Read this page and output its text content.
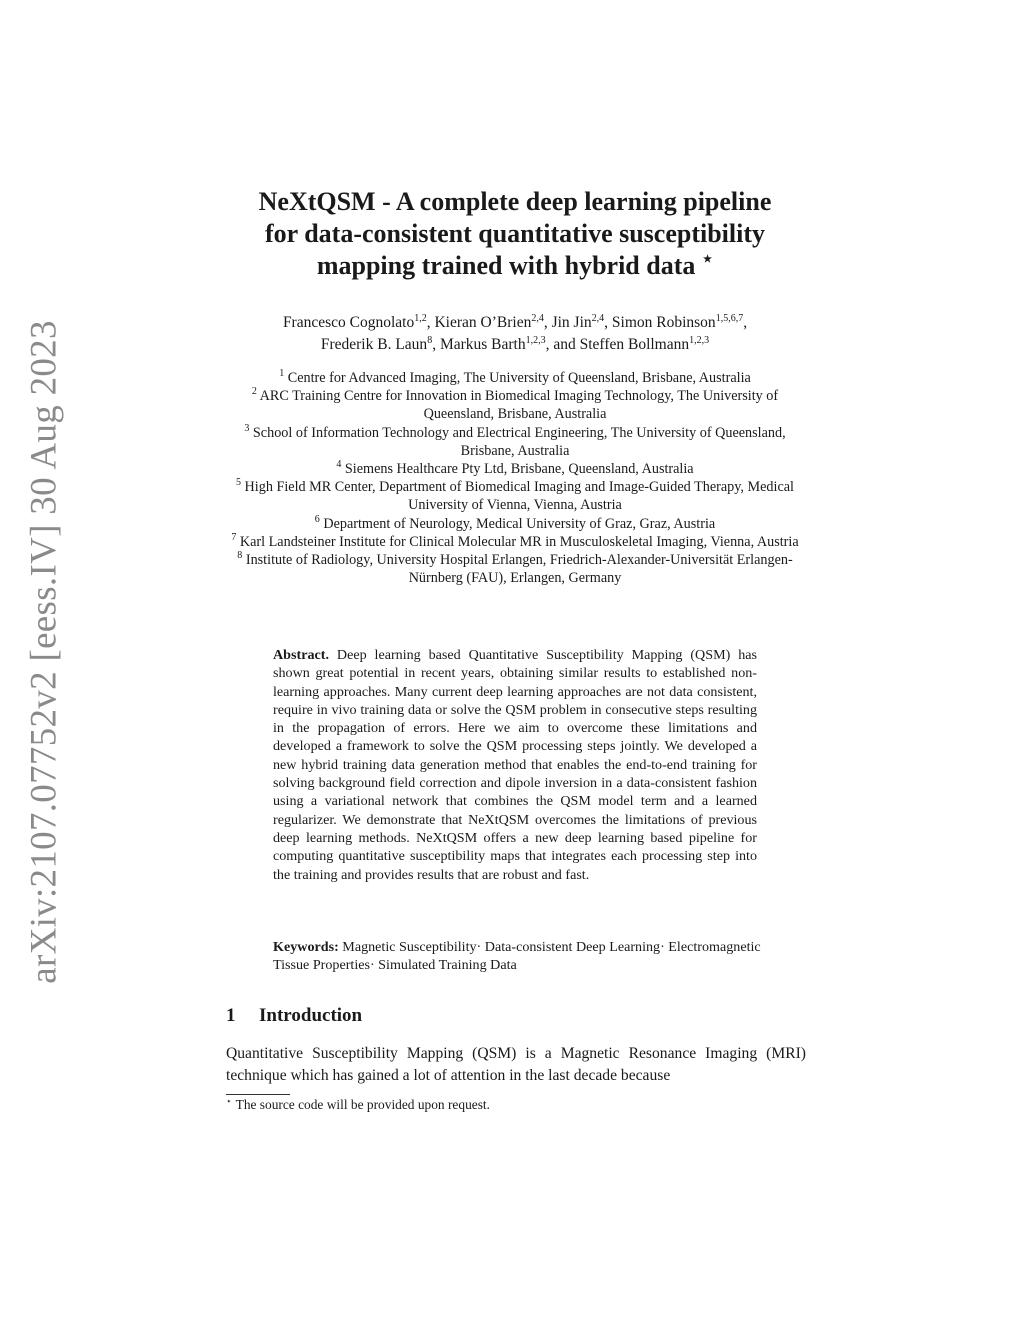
arXiv:2107.07752v2 [eess.IV] 30 Aug 2023
NeXtQSM - A complete deep learning pipeline
for data-consistent quantitative susceptibility
mapping trained with hybrid data ⋆
Francesco Cognolato$^{1,2}$, Kieran O’Brien$^{2,4}$, Jin Jin$^{2,4}$, Simon Robinson$^{1,5,6,7}$,
Frederik B. Laun$^8$, Markus Barth$^{1,2,3}$, and Steffen Bollmann$^{1,2,3}$

$^1$ Centre for Advanced Imaging, The University of Queensland, Brisbane, Australia

$^2$ ARC Training Centre for Innovation in Biomedical Imaging Technology, The University of Queensland, Brisbane, Australia

$^3$ School of Information Technology and Electrical Engineering, The University of Queensland, Brisbane, Australia

$^4$ Siemens Healthcare Pty Ltd, Brisbane, Queensland, Australia

$^5$ High Field MR Center, Department of Biomedical Imaging and Image-Guided Therapy, Medical University of Vienna, Vienna, Austria

$^6$ Department of Neurology, Medical University of Graz, Graz, Austria

$^7$ Karl Landsteiner Institute for Clinical Molecular MR in Musculoskeletal Imaging, Vienna, Austria

$^8$ Institute of Radiology, University Hospital Erlangen, Friedrich-Alexander-Universität Erlangen-Nürnberg (FAU), Erlangen, Germany

Abstract. Deep learning based Quantitative Susceptibility Mapping (QSM) has shown great potential in recent years, obtaining similar results to established non-learning approaches. Many current deep learning approaches are not data consistent, require in vivo training data or solve the QSM problem in consecutive steps resulting in the propagation of errors. Here we aim to overcome these limitations and developed a framework to solve the QSM processing steps jointly. We developed a new hybrid training data generation method that enables the end-to-end training for solving background field correction and dipole inversion in a data-consistent fashion using a variational network that combines the QSM model term and a learned regularizer. We demonstrate that NeXtQSM overcomes the limitations of previous deep learning methods. NeXtQSM offers a new deep learning based pipeline for computing quantitative susceptibility maps that integrates each processing step into the training and provides results that are robust and fast.
Keywords: Magnetic Susceptibility· Data-consistent Deep Learning· Electromagnetic Tissue Properties· Simulated Training Data
1 Introduction
Quantitative Susceptibility Mapping (QSM) is a Magnetic Resonance Imaging (MRI) technique which has gained a lot of attention in the last decade because
⋆ The source code will be provided upon request.
